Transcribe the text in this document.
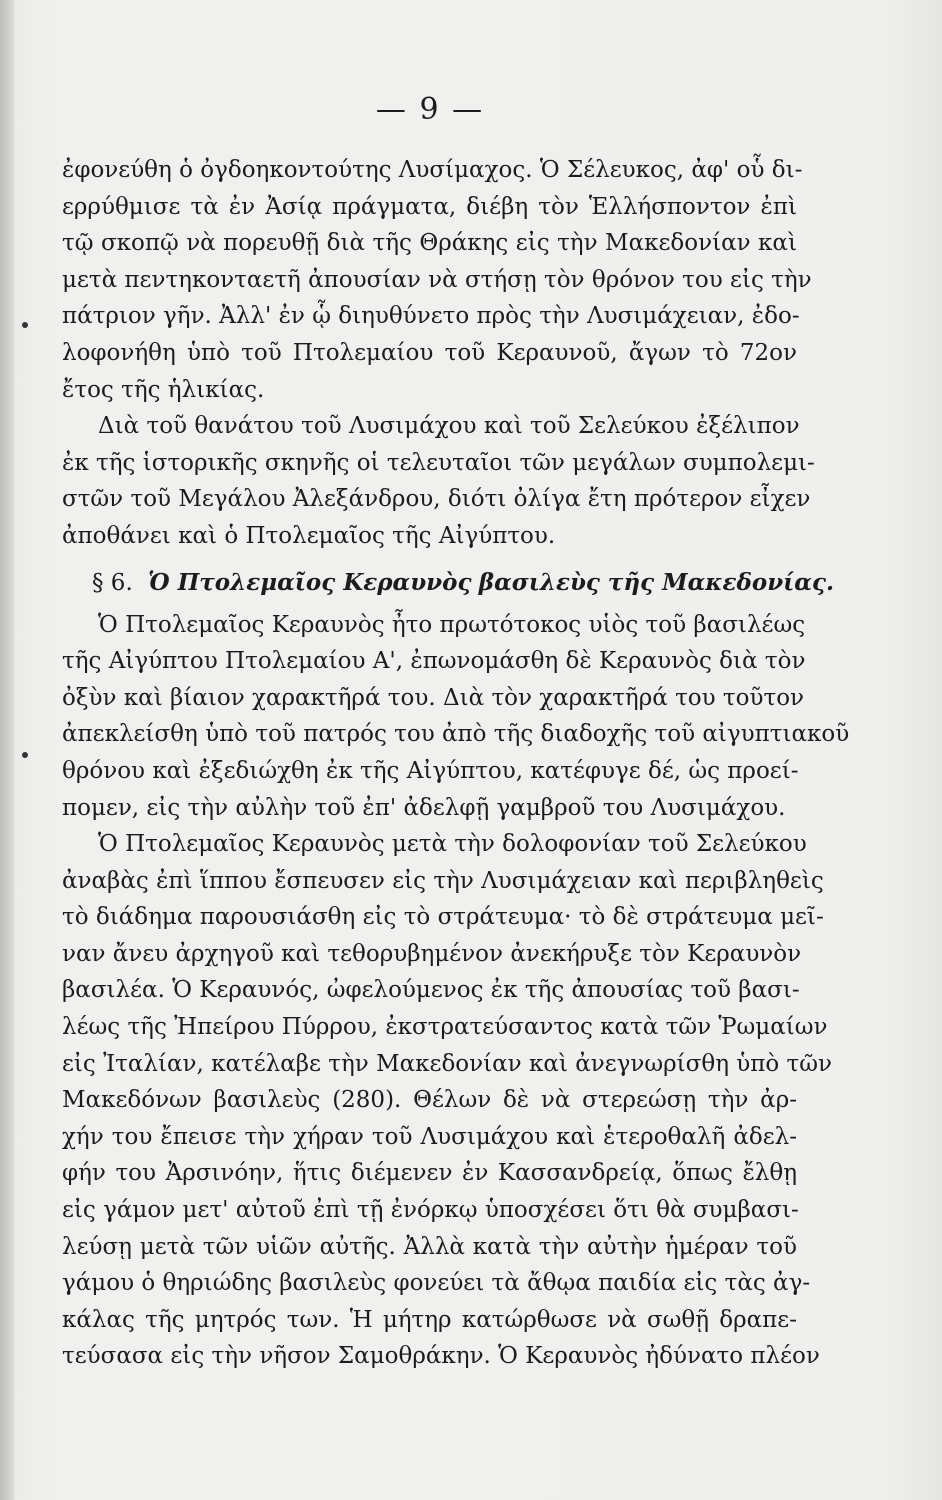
— 9 —
ἐφονεύθη ὁ ὀγδοηκοντούτης Λυσίμαχος. Ὁ Σέλευκος, ἀφ' οὗ δι-
ερρύθμισε τὰ ἐν Ἀσίᾳ πράγματα, διέβη τὸν Ἑλλήσποντον ἐπὶ
τῷ σκοπῷ νὰ πορευθῇ διὰ τῆς Θράκης εἰς τὴν Μακεδονίαν καὶ
μετὰ πεντηκονταετῆ ἀπουσίαν νὰ στήσῃ τὸν θρόνον του εἰς τὴν
πάτριον γῆν. Ἀλλ' ἐν ᾧ διηυθύνετο πρὸς τὴν Λυσιμάχειαν, ἐδο-
λοφονήθη ὑπὸ τοῦ Πτολεμαίου τοῦ Κεραυνοῦ, ἄγων τὸ 72ον
ἔτος τῆς ἡλικίας.
Διὰ τοῦ θανάτου τοῦ Λυσιμάχου καὶ τοῦ Σελεύκου ἐξέλιπον
ἐκ τῆς ἱστορικῆς σκηνῆς οἱ τελευταῖοι τῶν μεγάλων συμπολεμι-
στῶν τοῦ Μεγάλου Ἀλεξάνδρου, διότι ὀλίγα ἔτη πρότερον εἶχεν
ἀποθάνει καὶ ὁ Πτολεμαῖος τῆς Αἰγύπτου.
§ 6. Ὁ Πτολεμαῖος Κεραυνὸς βασιλεὺς τῆς Μακεδονίας.
Ὁ Πτολεμαῖος Κεραυνὸς ἦτο πρωτότοκος υἱὸς τοῦ βασιλέως
τῆς Αἰγύπτου Πτολεμαίου Α', ἐπωνομάσθη δὲ Κεραυνὸς διὰ τὸν
ὀξὺν καὶ βίαιον χαρακτῆρά του. Διὰ τὸν χαρακτῆρά του τοῦτον
ἀπεκλείσθη ὑπὸ τοῦ πατρός του ἀπὸ τῆς διαδοχῆς τοῦ αἰγυπτιακοῦ
θρόνου καὶ ἐξεδιώχθη ἐκ τῆς Αἰγύπτου, κατέφυγε δέ, ὡς προεί-
πομεν, εἰς τὴν αὐλὴν τοῦ ἐπ' ἀδελφῇ γαμβροῦ του Λυσιμάχου.
Ὁ Πτολεμαῖος Κεραυνὸς μετὰ τὴν δολοφονίαν τοῦ Σελεύκου
ἀναβὰς ἐπὶ ἵππου ἔσπευσεν εἰς τὴν Λυσιμάχειαν καὶ περιβληθεὶς
τὸ διάδημα παρουσιάσθη εἰς τὸ στράτευμα· τὸ δὲ στράτευμα μεῖ-
ναν ἄνευ ἀρχηγοῦ καὶ τεθορυβημένον ἀνεκήρυξε τὸν Κεραυνὸν
βασιλέα. Ὁ Κεραυνός, ὠφελούμενος ἐκ τῆς ἀπουσίας τοῦ βασι-
λέως τῆς Ἠπείρου Πύρρου, ἐκστρατεύσαντος κατὰ τῶν Ῥωμαίων
εἰς Ἰταλίαν, κατέλαβε τὴν Μακεδονίαν καὶ ἀνεγνωρίσθη ὑπὸ τῶν
Μακεδόνων βασιλεὺς (280). Θέλων δὲ νὰ στερεώσῃ τὴν ἀρ-
χήν του ἔπεισε τὴν χήραν τοῦ Λυσιμάχου καὶ ἑτεροθαλῆ ἀδελ-
φήν του Ἀρσινόην, ἥτις διέμενεν ἐν Κασσανδρείᾳ, ὅπως ἔλθῃ
εἰς γάμον μετ' αὐτοῦ ἐπὶ τῇ ἐνόρκῳ ὑποσχέσει ὅτι θὰ συμβασι-
λεύσῃ μετὰ τῶν υἱῶν αὐτῆς. Ἀλλὰ κατὰ τὴν αὐτὴν ἡμέραν τοῦ
γάμου ὁ θηριώδης βασιλεὺς φονεύει τὰ ἄθῳα παιδία εἰς τὰς ἀγ-
κάλας τῆς μητρός των. Ἡ μήτηρ κατώρθωσε νὰ σωθῇ δραπε-
τεύσασα εἰς τὴν νῆσον Σαμοθράκην. Ὁ Κεραυνὸς ἠδύνατο πλέον
